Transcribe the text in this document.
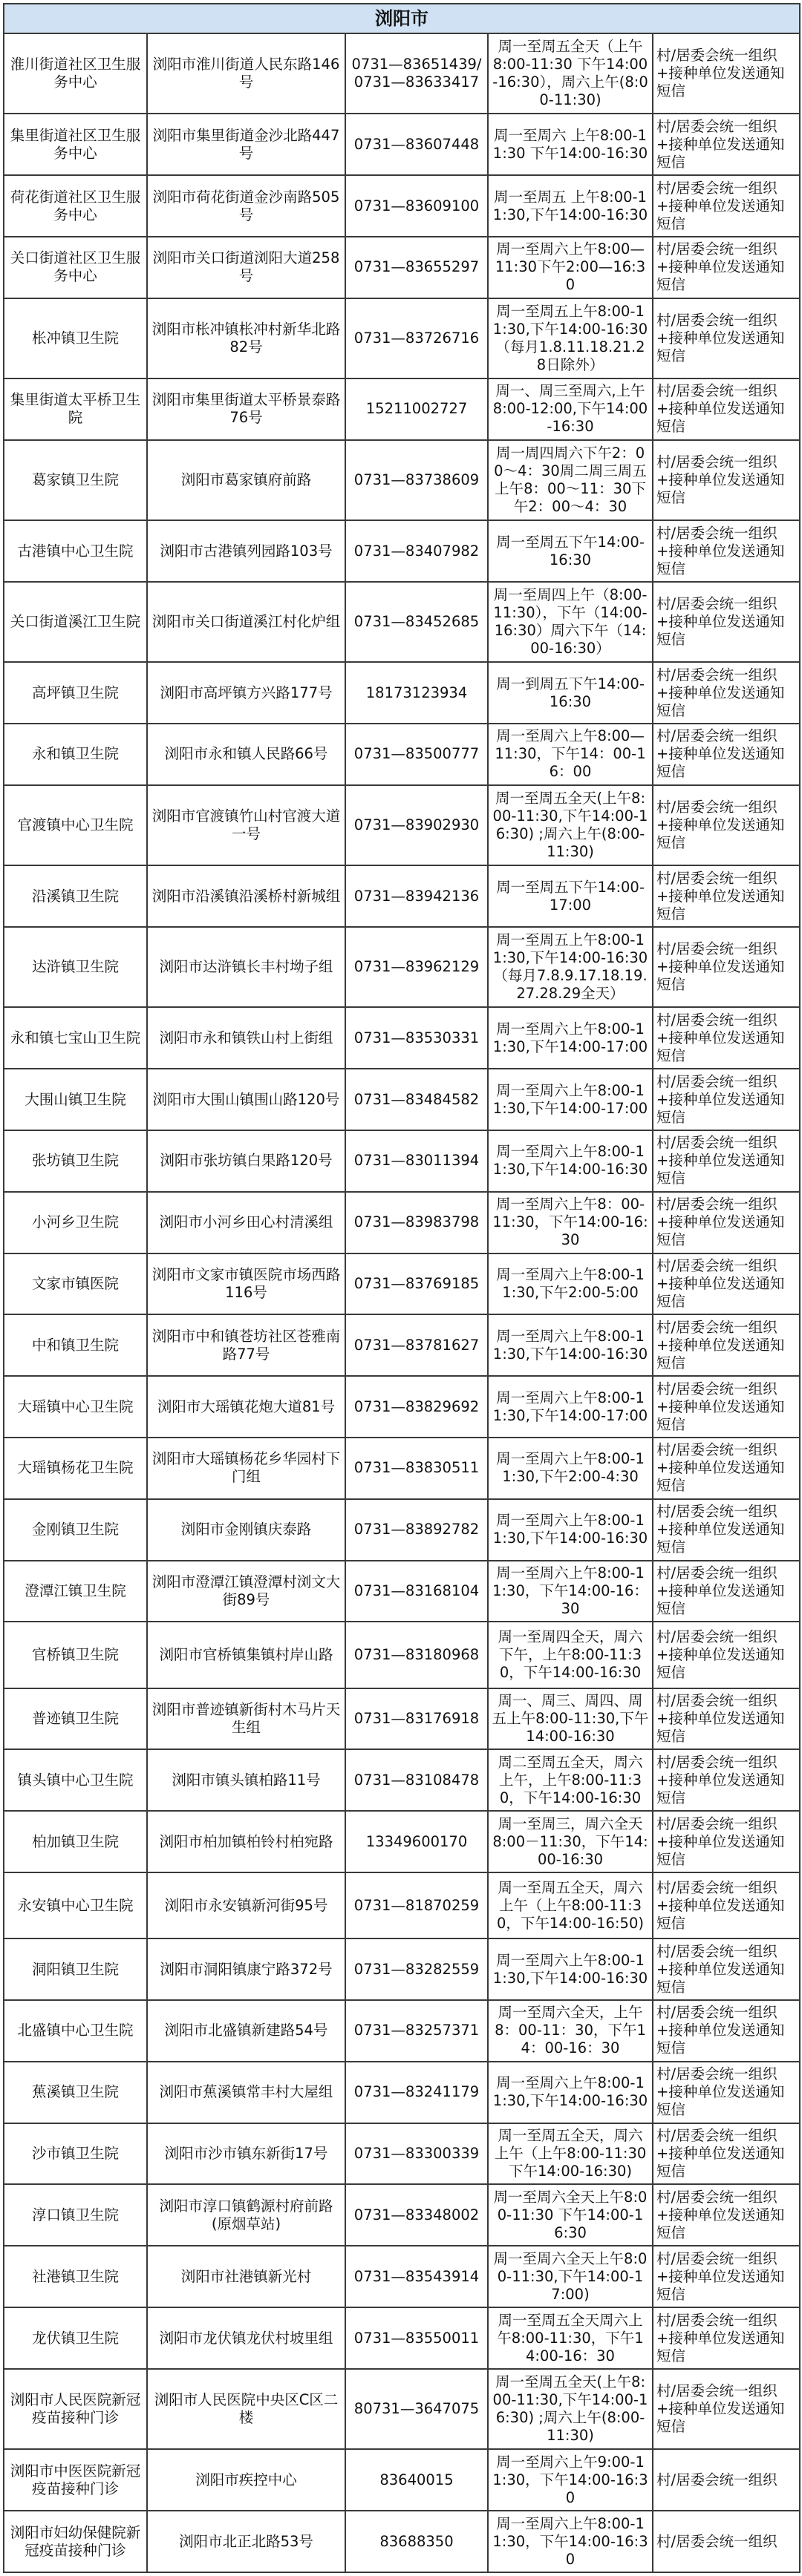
浏阳市				
淮川街道社区卫生服务中心	浏阳市淮川街道人民东路146号	0731—83651439/0731—83633417	周一至周五全天（上午8:00-11:30 下午14:00-16:30），周六上午(8:00-11:30)	村/居委会统一组织+接种单位发送通知短信
集里街道社区卫生服务中心	浏阳市集里街道金沙北路447号	0731—83607448	周一至周六 上午8:00-11:30 下午14:00-16:30	村/居委会统一组织+接种单位发送通知短信
荷花街道社区卫生服务中心	浏阳市荷花街道金沙南路505号	0731—83609100	周一至周五 上午8:00-11:30,下午14:00-16:30	村/居委会统一组织+接种单位发送通知短信
关口街道社区卫生服务中心	浏阳市关口街道浏阳大道258号	0731—83655297	周一至周六上午8:00—11:30下午2:00—16:30	村/居委会统一组织+接种单位发送通知短信
枨冲镇卫生院	浏阳市枨冲镇枨冲村新华北路82号	0731—83726716	周一至周五上午8:00-11:30,下午14:00-16:30（每月1.8.11.18.21.28日除外）	村/居委会统一组织+接种单位发送通知短信
集里街道太平桥卫生院	浏阳市集里街道太平桥景泰路76号	15211002727	周一、周三至周六,上午8:00-12:00,下午14:00-16:30	村/居委会统一组织+接种单位发送通知短信
葛家镇卫生院	浏阳市葛家镇府前路	0731—83738609	周一周四周六下午2：00～4：30周二周三周五上午8：00～11：30下午2：00～4：30	村/居委会统一组织+接种单位发送通知短信
古港镇中心卫生院	浏阳市古港镇列园路103号	0731—83407982	周一至周五下午14:00-16:30	村/居委会统一组织+接种单位发送通知短信
关口街道溪江卫生院	浏阳市关口街道溪江村化炉组	0731—83452685	周一至周四上午（8:00-11:30），下午（14:00-16:30）周六下午（14:00-16:30）	村/居委会统一组织+接种单位发送通知短信
高坪镇卫生院	浏阳市高坪镇方兴路177号	18173123934	周一到周五下午14:00-16:30	村/居委会统一组织+接种单位发送通知短信
永和镇卫生院	浏阳市永和镇人民路66号	0731—83500777	周一至周六上午8:00—11:30，下午14：00-16：00	村/居委会统一组织+接种单位发送通知短信
官渡镇中心卫生院	浏阳市官渡镇竹山村官渡大道一号	0731—83902930	周一至周五全天(上午8:00-11:30,下午14:00-16:30) ;周六上午(8:00-11:30)	村/居委会统一组织+接种单位发送通知短信
沿溪镇卫生院	浏阳市沿溪镇沿溪桥村新城组	0731—83942136	周一至周五下午14:00-17:00	村/居委会统一组织+接种单位发送通知短信
达浒镇卫生院	浏阳市达浒镇长丰村坳子组	0731—83962129	周一至周五上午8:00-11:30,下午14:00-16:30（每月7.8.9.17.18.19.27.28.29全天）	村/居委会统一组织+接种单位发送通知短信
永和镇七宝山卫生院	浏阳市永和镇铁山村上街组	0731—83530331	周一至周六上午8:00-11:30,下午14:00-17:00	村/居委会统一组织+接种单位发送通知短信
大围山镇卫生院	浏阳市大围山镇围山路120号	0731—83484582	周一至周六上午8:00-11:30,下午14:00-17:00	村/居委会统一组织+接种单位发送通知短信
张坊镇卫生院	浏阳市张坊镇白果路120号	0731—83011394	周一至周六上午8:00-11:30,下午14:00-16:30	村/居委会统一组织+接种单位发送通知短信
小河乡卫生院	浏阳市小河乡田心村清溪组	0731—83983798	周一至周六上午8：00-11:30，下午14:00-16:30	村/居委会统一组织+接种单位发送通知短信
文家市镇医院	浏阳市文家市镇医院市场西路116号	0731—83769185	周一至周六上午8:00-11:30,下午2:00-5:00	村/居委会统一组织+接种单位发送通知短信
中和镇卫生院	浏阳市中和镇苍坊社区苍雅南路77号	0731—83781627	周一至周六上午8:00-11:30,下午14:00-16:30	村/居委会统一组织+接种单位发送通知短信
大瑶镇中心卫生院	浏阳市大瑶镇花炮大道81号	0731—83829692	周一至周六上午8:00-11:30,下午14:00-17:00	村/居委会统一组织+接种单位发送通知短信
大瑶镇杨花卫生院	浏阳市大瑶镇杨花乡华园村下门组	0731—83830511	周一至周六上午8:00-11:30,下午2:00-4:30	村/居委会统一组织+接种单位发送通知短信
金刚镇卫生院	浏阳市金刚镇庆泰路	0731—83892782	周一至周六上午8:00-11:30,下午14:00-16:30	村/居委会统一组织+接种单位发送通知短信
澄潭江镇卫生院	浏阳市澄潭江镇澄潭村浏文大街89号	0731—83168104	周一至周六上午8:00-11:30，下午14:00-16：30	村/居委会统一组织+接种单位发送通知短信
官桥镇卫生院	浏阳市官桥镇集镇村岸山路	0731—83180968	周一至周四全天，周六下午，上午8:00-11:30，下午14:00-16:30	村/居委会统一组织+接种单位发送通知短信
普迹镇卫生院	浏阳市普迹镇新街村木马片天生组	0731—83176918	周一、周三、周四、周五上午8:00-11:30,下午14:00-16:30	村/居委会统一组织+接种单位发送通知短信
镇头镇中心卫生院	浏阳市镇头镇柏路11号	0731—83108478	周二至周五全天，周六上午，上午8:00-11:30，下午14:00-16:30	村/居委会统一组织+接种单位发送通知短信
柏加镇卫生院	浏阳市柏加镇柏铃村柏宛路	13349600170	周一至周三，周六全天8:00－11:30，下午14:00-16:30	村/居委会统一组织+接种单位发送通知短信
永安镇中心卫生院	浏阳市永安镇新河街95号	0731—81870259	周一至周五全天，周六上午（上午8:00-11:30，下午14:00-16:50)	村/居委会统一组织+接种单位发送通知短信
洞阳镇卫生院	浏阳市洞阳镇康宁路372号	0731—83282559	周一至周六上午8:00-11:30,下午14:00-16:30	村/居委会统一组织+接种单位发送通知短信
北盛镇中心卫生院	浏阳市北盛镇新建路54号	0731—83257371	周一至周六全天，上午8：00-11：30，下午14：00-16：30	村/居委会统一组织+接种单位发送通知短信
蕉溪镇卫生院	浏阳市蕉溪镇常丰村大屋组	0731—83241179	周一至周六上午8:00-11:30,下午14:00-16:30	村/居委会统一组织+接种单位发送通知短信
沙市镇卫生院	浏阳市沙市镇东新街17号	0731—83300339	周一至周五全天，周六上午（上午8:00-11:30 下午14:00-16:30)	村/居委会统一组织+接种单位发送通知短信
淳口镇卫生院	浏阳市淳口镇鹤源村府前路(原烟草站)	0731—83348002	周一至周六全天上午8:00-11:30 下午14:00-16:30	村/居委会统一组织+接种单位发送通知短信
社港镇卫生院	浏阳市社港镇新光村	0731—83543914	周一至周六全天上午8:00-11:30,下午14:00-17:00)	村/居委会统一组织+接种单位发送通知短信
龙伏镇卫生院	浏阳市龙伏镇龙伏村坡里组	0731—83550011	周一至周五全天周六上午8:00-11:30，下午14:00-16：30	村/居委会统一组织+接种单位发送通知短信
浏阳市人民医院新冠疫苗接种门诊	浏阳市人民医院中央区C区二楼	80731—3647075	周一至周五全天(上午8:00-11:30,下午14:00-16:30) ;周六上午(8:00-11:30)	村/居委会统一组织+接种单位发送通知短信
浏阳市中医医院新冠疫苗接种门诊	浏阳市疾控中心	83640015	周一至周六上午9:00-11:30，下午14:00-16:30	村/居委会统一组织
浏阳市妇幼保健院新冠疫苗接种门诊	浏阳市北正北路53号	83688350	周一至周六上午8:00-11:30，下午14:00-16:30	村/居委会统一组织
